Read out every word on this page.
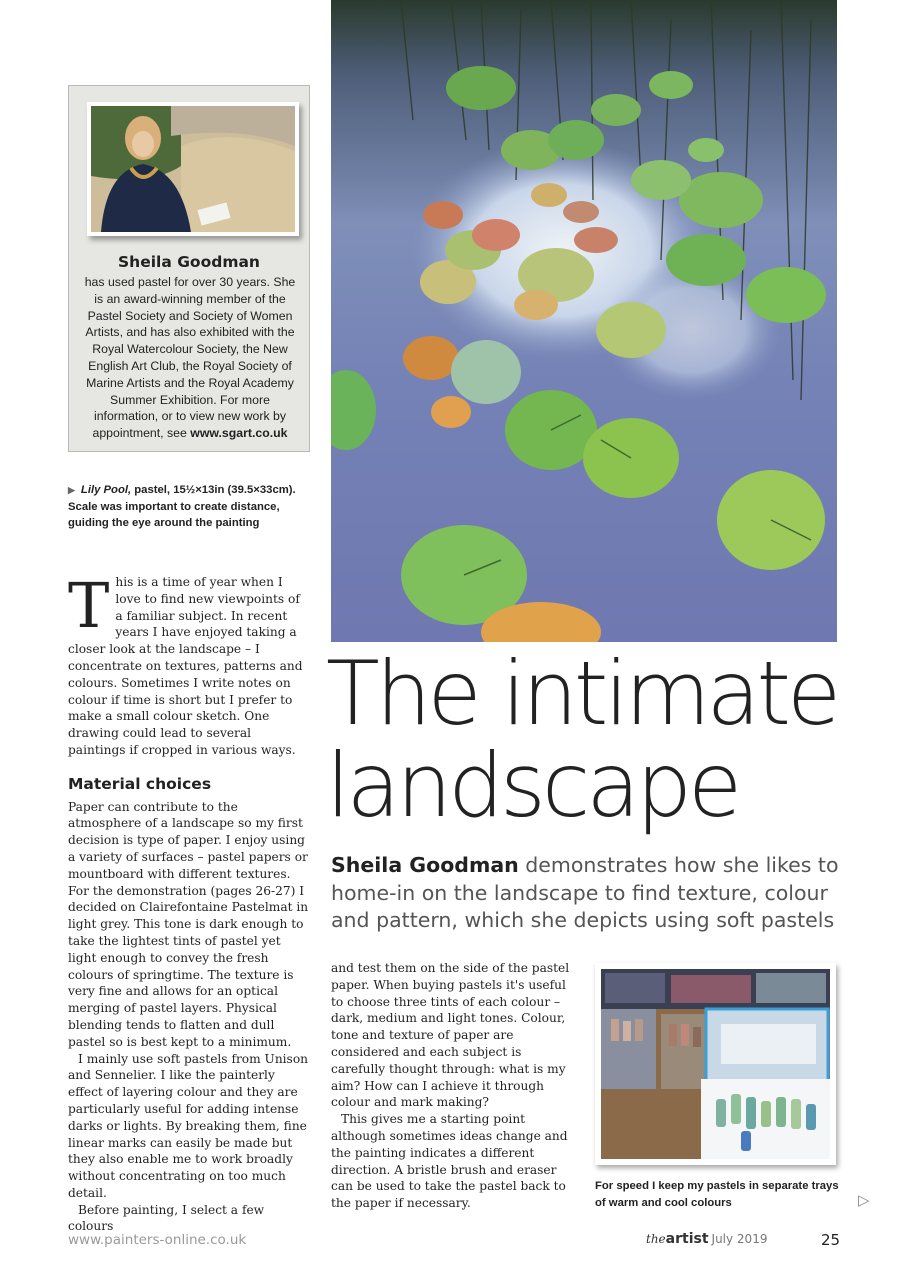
Sheila Goodman
has used pastel for over 30 years. She is an award-winning member of the Pastel Society and Society of Women Artists, and has also exhibited with the Royal Watercolour Society, the New English Art Club, the Royal Society of Marine Artists and the Royal Academy Summer Exhibition. For more information, or to view new work by appointment, see www.sgart.co.uk
▶ Lily Pool, pastel, 15½×13in (39.5×33cm). Scale was important to create distance, guiding the eye around the painting

This is a time of year when I love to find new viewpoints of a familiar subject. In recent years I have enjoyed taking a closer look at the landscape – I concentrate on textures, patterns and colours. Sometimes I write notes on colour if time is short but I prefer to make a small colour sketch. One drawing could lead to several paintings if cropped in various ways.

Material choices

Paper can contribute to the atmosphere of a landscape so my first decision is type of paper. I enjoy using a variety of surfaces – pastel papers or mountboard with different textures. For the demonstration (pages 26-27) I decided on Clairefontaine Pastelmat in light grey. This tone is dark enough to take the lightest tints of pastel yet light enough to convey the fresh colours of springtime. The texture is very fine and allows for an optical merging of pastel layers. Physical blending tends to flatten and dull pastel so is best kept to a minimum.

I mainly use soft pastels from Unison and Sennelier. I like the painterly effect of layering colour and they are particularly useful for adding intense darks or lights. By breaking them, fine linear marks can easily be made but they also enable me to work broadly without concentrating on too much detail.

Before painting, I select a few colours

The intimate
landscape
Sheila Goodman demonstrates how she likes to home-in on the landscape to find texture, colour and pattern, which she depicts using soft pastels

and test them on the side of the pastel paper. When buying pastels it's useful to choose three tints of each colour – dark, medium and light tones. Colour, tone and texture of paper are considered and each subject is carefully thought through: what is my aim? How can I achieve it through colour and mark making?

This gives me a starting point although sometimes ideas change and the painting indicates a different direction. A bristle brush and eraser can be used to take the pastel back to the paper if necessary.

For speed I keep my pastels in separate trays of warm and cool colours	▷
www.painters-online.co.uk	theartist July 2019	25
